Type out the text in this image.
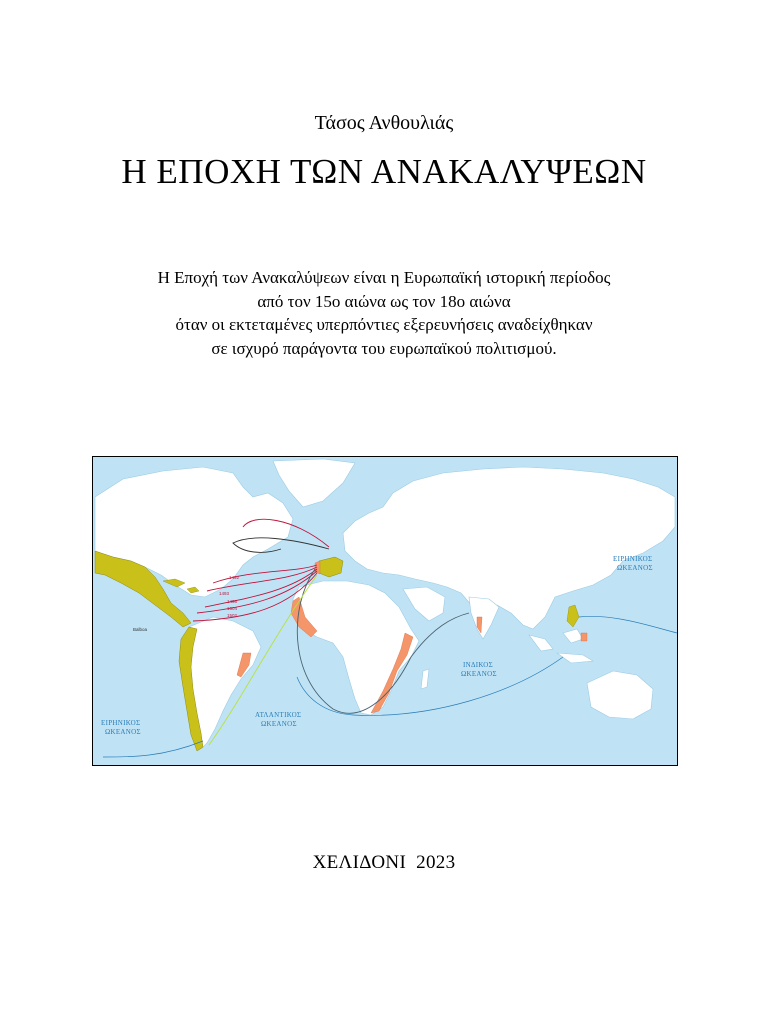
Τάσος Ανθουλιάς
Η ΕΠΟΧΗ ΤΩΝ ΑΝΑΚΑΛΥΨΕΩΝ
Η Εποχή των Ανακαλύψεων είναι η Ευρωπαϊκή ιστορική περίοδος
από τον 15ο αιώνα ως τον 18ο αιώνα
όταν οι εκτεταμένες υπερπόντιες εξερευνήσεις αναδείχθηκαν
σε ισχυρό παράγοντα του ευρωπαϊκού πολιτισμού.
ΕΙΡΗΝΙΚΟΣ
ΩΚΕΑΝΟΣ
ΕΙΡΗΝΙΚΟΣ
ΩΚΕΑΝΟΣ
ΑΤΛΑΝΤΙΚΟΣ
ΩΚΕΑΝΟΣ
ΙΝΔΙΚΟΣ
ΩΚΕΑΝΟΣ
1492
1493
1498
1504
1502
Balboa
ΧΕΛΙΔΟΝΙ  2023
